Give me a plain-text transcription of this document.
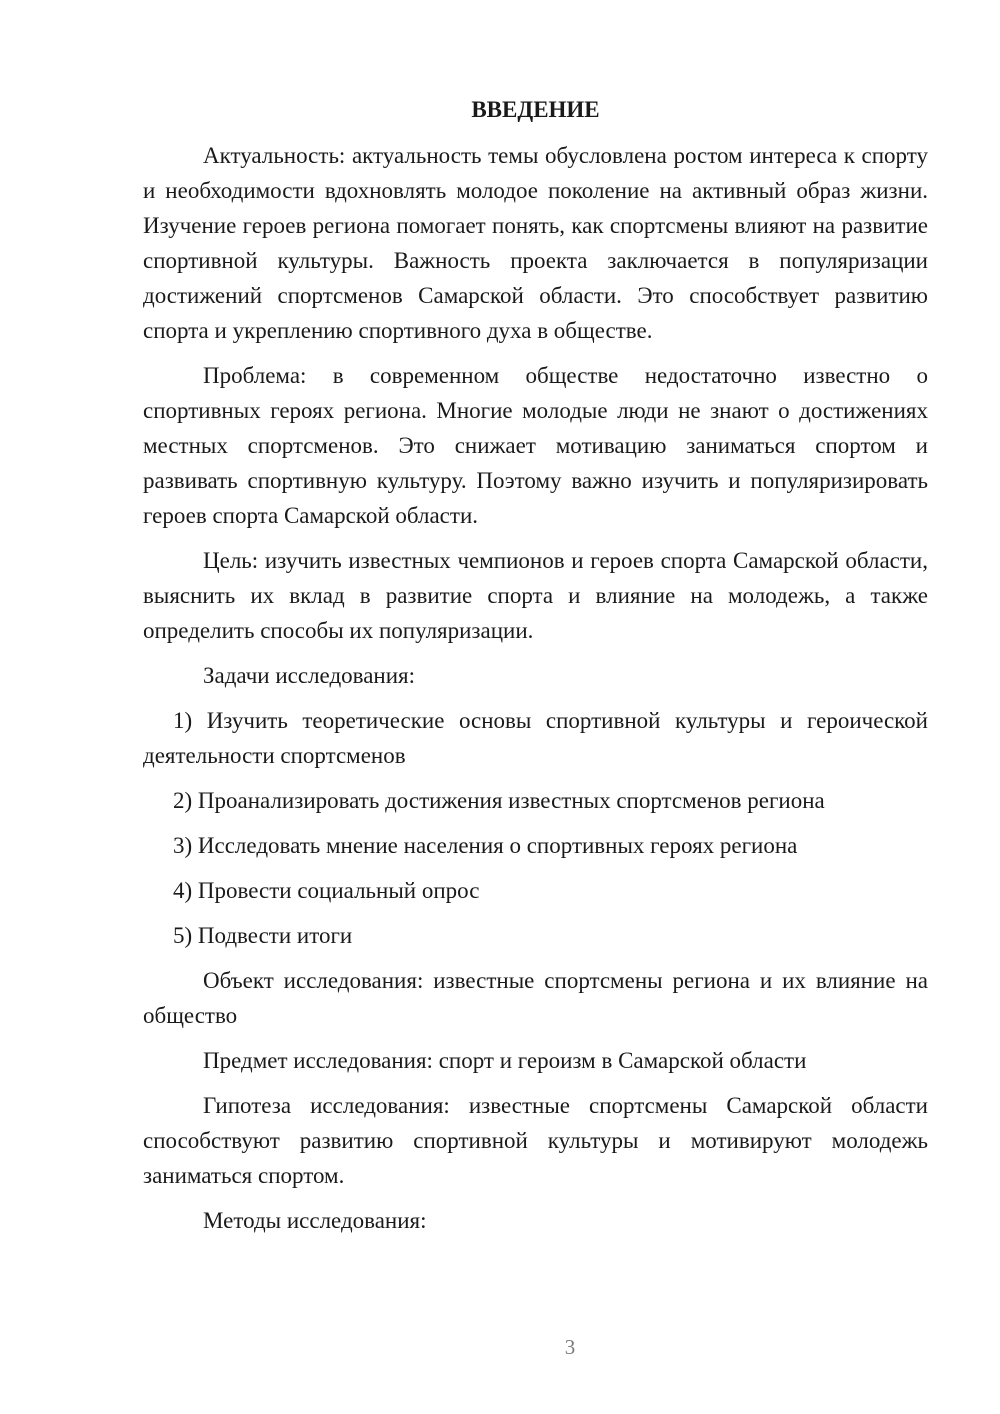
ВВЕДЕНИЕ

Актуальность: актуальность темы обусловлена ростом интереса к спорту и необходимости вдохновлять молодое поколение на активный образ жизни. Изучение героев региона помогает понять, как спортсмены влияют на развитие спортивной культуры. Важность проекта заключается в популяризации достижений спортсменов Самарской области. Это способствует развитию спорта и укреплению спортивного духа в обществе.

Проблема: в современном обществе недостаточно известно о спортивных героях региона. Многие молодые люди не знают о достижениях местных спортсменов. Это снижает мотивацию заниматься спортом и развивать спортивную культуру. Поэтому важно изучить и популяризировать героев спорта Самарской области.

Цель: изучить известных чемпионов и героев спорта Самарской области, выяснить их вклад в развитие спорта и влияние на молодежь, а также определить способы их популяризации.

Задачи исследования:

1) Изучить теоретические основы спортивной культуры и героической деятельности спортсменов

2) Проанализировать достижения известных спортсменов региона

3) Исследовать мнение населения о спортивных героях региона

4) Провести социальный опрос

5) Подвести итоги

Объект исследования: известные спортсмены региона и их влияние на общество

Предмет исследования: спорт и героизм в Самарской области

Гипотеза исследования: известные спортсмены Самарской области способствуют развитию спортивной культуры и мотивируют молодежь заниматься спортом.

Методы исследования:

3
